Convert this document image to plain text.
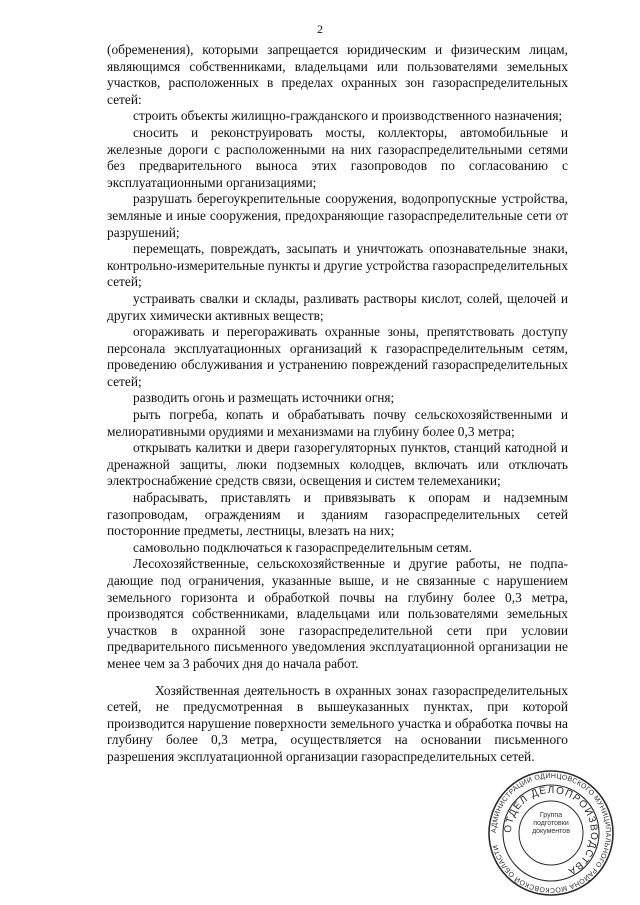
2

(обременения), которыми запрещается юридическим и физическим лицам, являющимся собственниками, владельцами или пользователями земельных участков, расположенных в пределах охранных зон газораспределительных сетей:

строить объекты жилищно-гражданского и производственного назначения;

сносить и реконструировать мосты, коллекторы, автомобильные и железные дороги с расположенными на них газораспределительными сетями без предварительного выноса этих газопроводов по согласованию с эксплуатационными организациями;

разрушать берегоукрепительные сооружения, водопропускные устройства, земляные и иные сооружения, предохраняющие газораспределительные сети от разрушений;

перемещать, повреждать, засыпать и уничтожать опознавательные знаки, контрольно-измерительные пункты и другие устройства газораспределительных сетей;

устраивать свалки и склады, разливать растворы кислот, солей, щелочей и других химически активных веществ;

огораживать и перегораживать охранные зоны, препятствовать доступу персонала эксплуатационных организаций к газораспределительным сетям, проведению обслуживания и устранению повреждений газораспределительных сетей;

разводить огонь и размещать источники огня;

рыть погреба, копать и обрабатывать почву сельскохозяйственными и мелиоративными орудиями и механизмами на глубину более 0,3 метра;

открывать калитки и двери газорегуляторных пунктов, станций катодной и дренажной защиты, люки подземных колодцев, включать или отключать электроснабжение средств связи, освещения и систем телемеханики;

набрасывать, приставлять и привязывать к опорам и надземным газопроводам, ограждениям и зданиям газораспределительных сетей посторонние предметы, лестницы, влезать на них;

самовольно подключаться к газораспределительным сетям.

Лесохозяйственные, сельскохозяйственные и другие работы, не подпадающие под ограничения, указанные выше, и не связанные с нарушением земельного горизонта и обработкой почвы на глубину более 0,3 метра, производятся собственниками, владельцами или пользователями земельных участков в охранной зоне газораспределительной сети при условии предварительного письменного уведомления эксплуатационной организации не менее чем за 3 рабочих дня до начала работ.

Хозяйственная деятельность в охранных зонах газораспределительных сетей, не предусмотренная в вышеуказанных пунктах, при которой производится нарушение поверхности земельного участка и обработка почвы на глубину более 0,3 метра, осуществляется на основании письменного разрешения эксплуатационной организации газораспределительных сетей.

АДМИНИСТРАЦИИ ОДИНЦОВСКОГО МУНИЦИПАЛЬНОГО РАЙОНА МОСКОВСКОЙ ОБЛАСТИ
ОТДЕЛ ДЕЛОПРОИЗВОДСТВА
Группа
подготовки
документов
